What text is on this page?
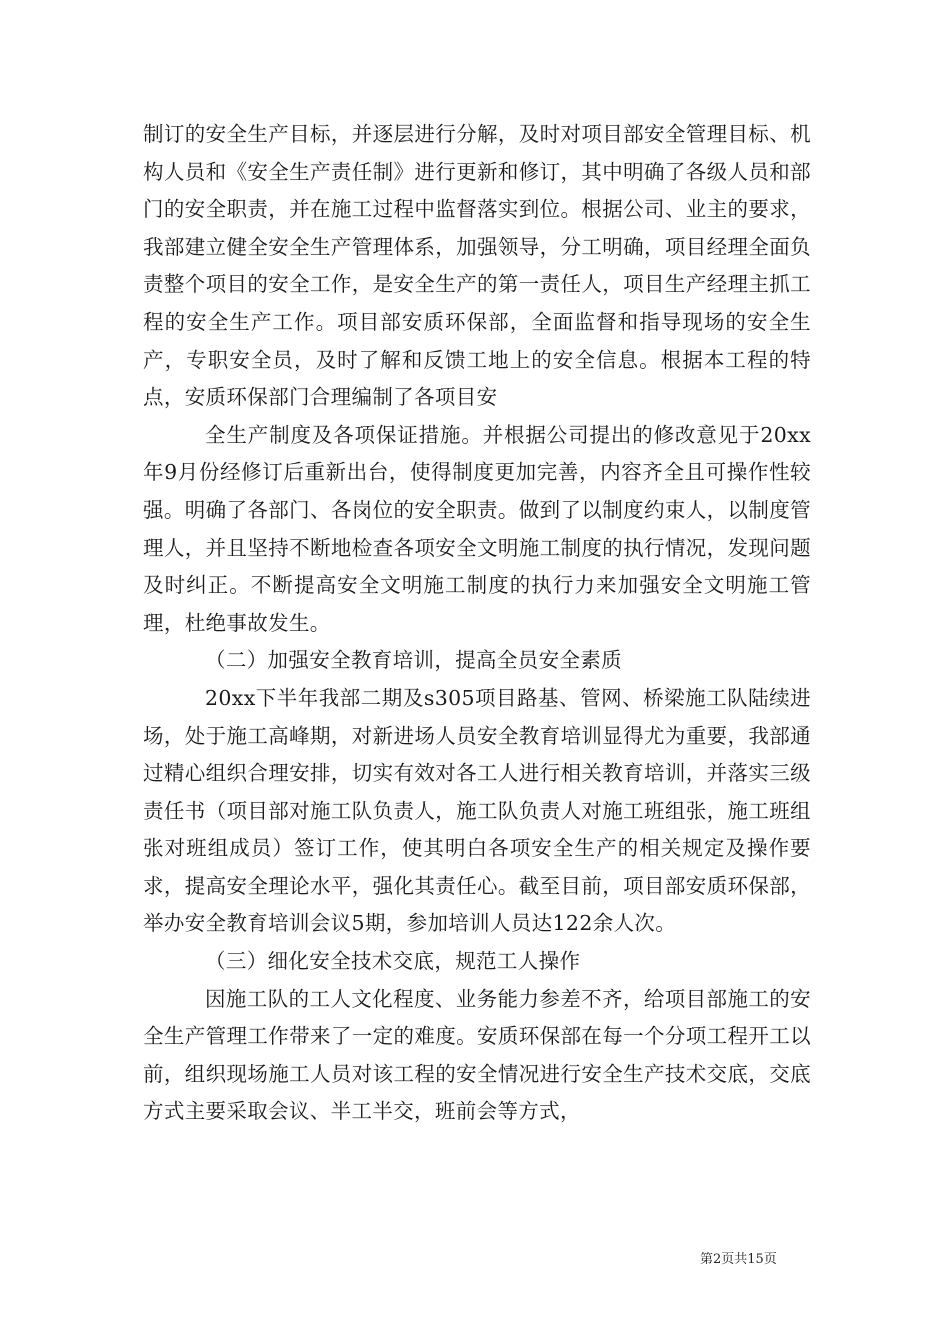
制订的安全生产目标，并逐层进行分解，及时对项目部安全管理目标、机构人员和《安全生产责任制》进行更新和修订，其中明确了各级人员和部门的安全职责，并在施工过程中监督落实到位。根据公司、业主的要求，我部建立健全安全生产管理体系，加强领导，分工明确，项目经理全面负责整个项目的安全工作，是安全生产的第一责任人，项目生产经理主抓工程的安全生产工作。项目部安质环保部，全面监督和指导现场的安全生产，专职安全员，及时了解和反馈工地上的安全信息。根据本工程的特点，安质环保部门合理编制了各项目安

全生产制度及各项保证措施。并根据公司提出的修改意见于20xx年9月份经修订后重新出台，使得制度更加完善，内容齐全且可操作性较强。明确了各部门、各岗位的安全职责。做到了以制度约束人，以制度管理人，并且坚持不断地检查各项安全文明施工制度的执行情况，发现问题及时纠正。不断提高安全文明施工制度的执行力来加强安全文明施工管理，杜绝事故发生。

（二）加强安全教育培训，提高全员安全素质

20xx下半年我部二期及s305项目路基、管网、桥梁施工队陆续进场，处于施工高峰期，对新进场人员安全教育培训显得尤为重要，我部通过精心组织合理安排，切实有效对各工人进行相关教育培训，并落实三级责任书（项目部对施工队负责人，施工队负责人对施工班组张，施工班组张对班组成员）签订工作，使其明白各项安全生产的相关规定及操作要求，提高安全理论水平，强化其责任心。截至目前，项目部安质环保部，举办安全教育培训会议5期，参加培训人员达122余人次。

（三）细化安全技术交底，规范工人操作

因施工队的工人文化程度、业务能力参差不齐，给项目部施工的安全生产管理工作带来了一定的难度。安质环保部在每一个分项工程开工以前，组织现场施工人员对该工程的安全情况进行安全生产技术交底，交底方式主要采取会议、半工半交，班前会等方式，

第2页共15页
